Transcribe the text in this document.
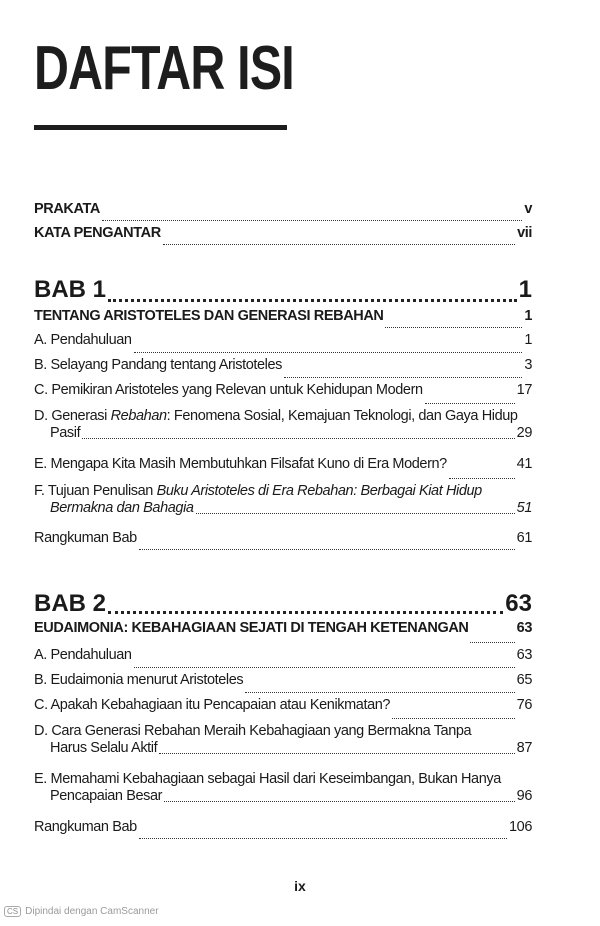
DAFTAR ISI
PRAKATA	v
KATA PENGANTAR	vii
BAB 1	1
TENTANG ARISTOTELES DAN GENERASI REBAHAN	1
A. Pendahuluan	1
B. Selayang Pandang tentang Aristoteles	3
C. Pemikiran Aristoteles yang Relevan untuk Kehidupan Modern	17
D. Generasi Rebahan: Fenomena Sosial, Kemajuan Teknologi, dan Gaya Hidup
Pasif	29
E. Mengapa Kita Masih Membutuhkan Filsafat Kuno di Era Modern?	41
F. Tujuan Penulisan Buku Aristoteles di Era Rebahan: Berbagai Kiat Hidup
Bermakna dan Bahagia	51
Rangkuman Bab	61
BAB 2	63
EUDAIMONIA: KEBAHAGIAAN SEJATI DI TENGAH KETENANGAN	63
A. Pendahuluan	63
B. Eudaimonia menurut Aristoteles	65
C. Apakah Kebahagiaan itu Pencapaian atau Kenikmatan?	76
D. Cara Generasi Rebahan Meraih Kebahagiaan yang Bermakna Tanpa
Harus Selalu Aktif	87
E. Memahami Kebahagiaan sebagai Hasil dari Keseimbangan, Bukan Hanya
Pencapaian Besar	96
Rangkuman Bab	106
ix
CS Dipindai dengan CamScanner
